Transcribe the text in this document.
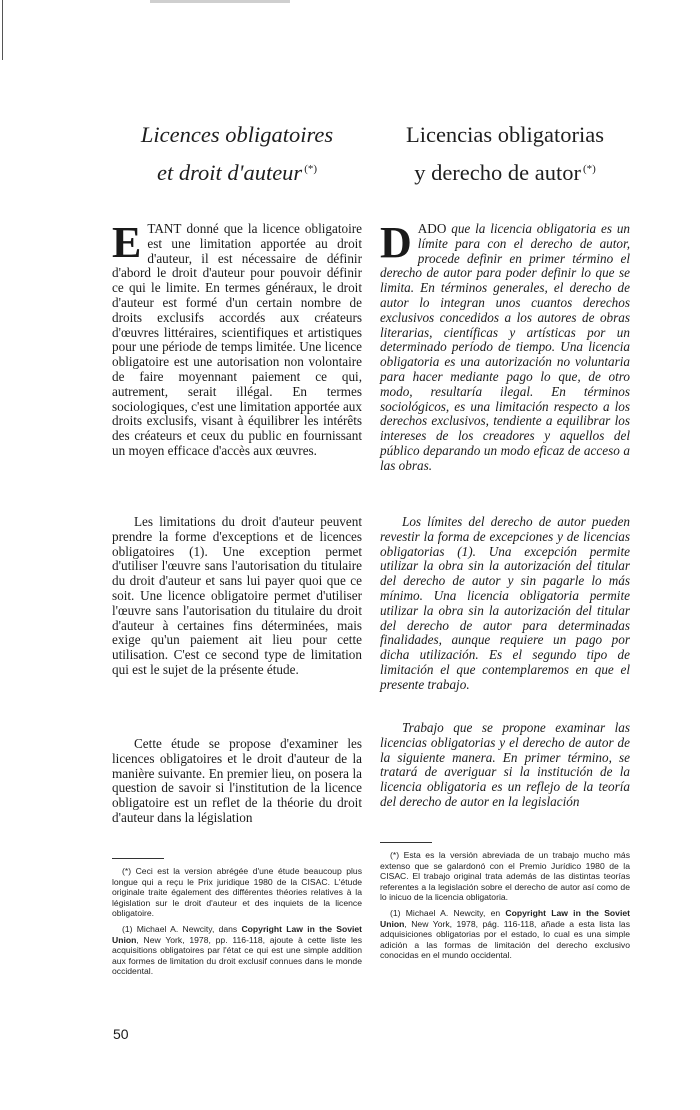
Licences obligatoires
et droit d'auteur (*)
Licencias obligatorias
y derecho de autor (*)

ETANT donné que la licence obligatoire est une limitation apportée au droit d'auteur, il est nécessaire de définir d'abord le droit d'auteur pour pouvoir définir ce qui le limite. En termes généraux, le droit d'auteur est formé d'un certain nombre de droits exclusifs accordés aux créateurs d'œuvres littéraires, scientifiques et artistiques pour une période de temps limitée. Une licence obligatoire est une autorisation non volontaire de faire moyennant paiement ce qui, autrement, serait illégal. En termes sociologiques, c'est une limitation apportée aux droits exclusifs, visant à équilibrer les intérêts des créateurs et ceux du public en fournissant un moyen efficace d'accès aux œuvres.

Les limitations du droit d'auteur peuvent prendre la forme d'exceptions et de licences obligatoires (1). Une exception permet d'utiliser l'œuvre sans l'autorisation du titulaire du droit d'auteur et sans lui payer quoi que ce soit. Une licence obligatoire permet d'utiliser l'œuvre sans l'autorisation du titulaire du droit d'auteur à certaines fins déterminées, mais exige qu'un paiement ait lieu pour cette utilisation. C'est ce second type de limitation qui est le sujet de la présente étude.

Cette étude se propose d'examiner les licences obligatoires et le droit d'auteur de la manière suivante. En premier lieu, on posera la question de savoir si l'institution de la licence obligatoire est un reflet de la théorie du droit d'auteur dans la législation

DADO que la licencia obligatoria es un límite para con el derecho de autor, procede definir en primer término el derecho de autor para poder definir lo que se limita. En términos generales, el derecho de autor lo integran unos cuantos derechos exclusivos concedidos a los autores de obras literarias, científicas y artísticas por un determinado período de tiempo. Una licencia obligatoria es una autorización no voluntaria para hacer mediante pago lo que, de otro modo, resultaría ilegal. En términos sociológicos, es una limitación respecto a los derechos exclusivos, tendiente a equilibrar los intereses de los creadores y aquellos del público deparando un modo eficaz de acceso a las obras.

Los límites del derecho de autor pueden revestir la forma de excepciones y de licencias obligatorias (1). Una excepción permite utilizar la obra sin la autorización del titular del derecho de autor y sin pagarle lo más mínimo. Una licencia obligatoria permite utilizar la obra sin la autorización del titular del derecho de autor para determinadas finalidades, aunque requiere un pago por dicha utilización. Es el segundo tipo de limitación el que contemplaremos en que el presente trabajo.

Trabajo que se propone examinar las licencias obligatorias y el derecho de autor de la siguiente manera. En primer término, se tratará de averiguar si la institución de la licencia obligatoria es un reflejo de la teoría del derecho de autor en la legislación

(*) Ceci est la version abrégée d'une étude beaucoup plus longue qui a reçu le Prix juridique 1980 de la CISAC. L'étude originale traite également des différentes théories relatives à la législation sur le droit d'auteur et des inquiets de la licence obligatoire.

(1) Michael A. Newcity, dans Copyright Law in the Soviet Union, New York, 1978, pp. 116-118, ajoute à cette liste les acquisitions obligatoires par l'état ce qui est une simple addition aux formes de limitation du droit exclusif connues dans le monde occidental.

(*) Esta es la versión abreviada de un trabajo mucho más extenso que se galardonó con el Premio Jurídico 1980 de la CISAC. El trabajo original trata además de las distintas teorías referentes a la legislación sobre el derecho de autor así como de lo inicuo de la licencia obligatoria.

(1) Michael A. Newcity, en Copyright Law in the Soviet Union, New York, 1978, pág. 116-118, añade a esta lista las adquisiciones obligatorias por el estado, lo cual es una simple adición a las formas de limitación del derecho exclusivo conocidas en el mundo occidental.

50
